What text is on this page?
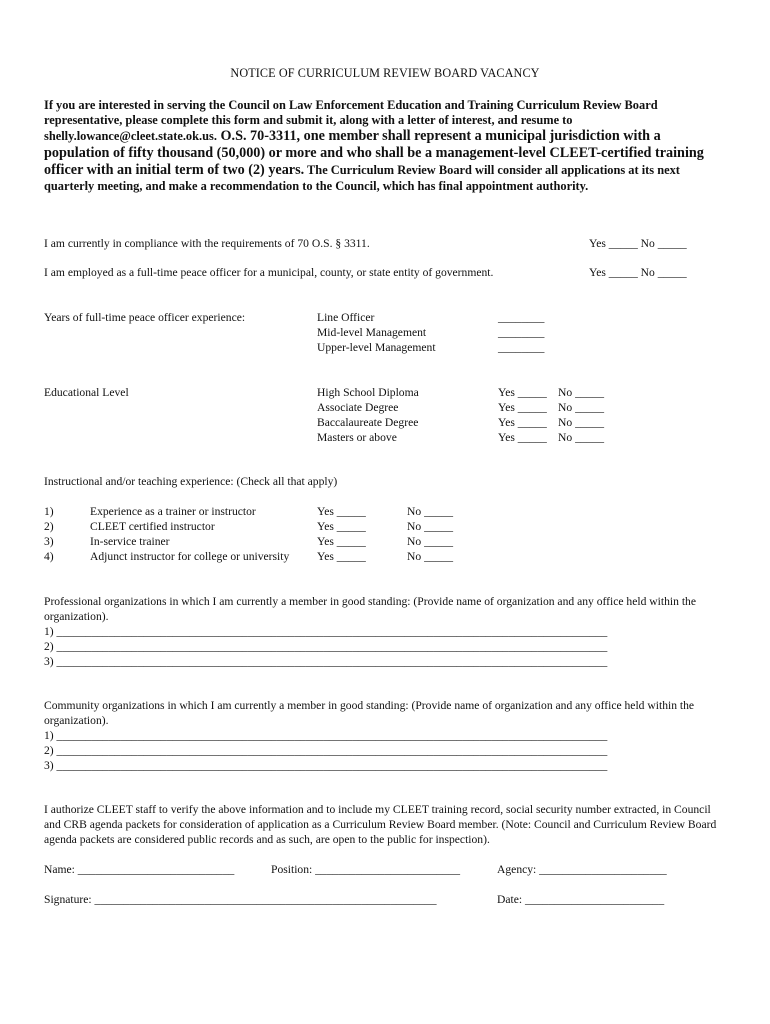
NOTICE OF CURRICULUM REVIEW BOARD VACANCY
If you are interested in serving the Council on Law Enforcement Education and Training Curriculum Review Board representative, please complete this form and submit it, along with a letter of interest, and resume to shelly.lowance@cleet.state.ok.us. O.S. 70-3311, one member shall represent a municipal jurisdiction with a population of fifty thousand (50,000) or more and who shall be a management-level CLEET-certified training officer with an initial term of two (2) years. The Curriculum Review Board will consider all applications at its next quarterly meeting, and make a recommendation to the Council, which has final appointment authority.
I am currently in compliance with the requirements of 70 O.S. § 3311.	Yes _____ No _____
I am employed as a full-time peace officer for a municipal, county, or state entity of government.	Yes _____ No _____
Years of full-time peace officer experience:	Line Officer	________
Mid-level Management	________
Upper-level Management	________
Educational Level	High School Diploma	Yes _____ No _____
Associate Degree	Yes _____ No _____
Baccalaureate Degree	Yes _____ No _____
Masters or above	Yes _____ No _____
Instructional and/or teaching experience: (Check all that apply)
1)	Experience as a trainer or instructor	Yes _____	No _____
2)	CLEET certified instructor	Yes _____	No _____
3)	In-service trainer	Yes _____	No _____
4)	Adjunct instructor for college or university Yes _____	No _____
Professional organizations in which I am currently a member in good standing: (Provide name of organization and any office held within the organization).
1) _______________________________________________________________________________________________
2) _______________________________________________________________________________________________
3) _______________________________________________________________________________________________
Community organizations in which I am currently a member in good standing: (Provide name of organization and any office held within the organization).
1) _______________________________________________________________________________________________
2) _______________________________________________________________________________________________
3) _______________________________________________________________________________________________
I authorize CLEET staff to verify the above information and to include my CLEET training record, social security number extracted, in Council and CRB agenda packets for consideration of application as a Curriculum Review Board member. (Note: Council and Curriculum Review Board agenda packets are considered public records and as such, are open to the public for inspection).
Name: ___________________________	Position: _________________________	Agency: ______________________
Signature: ___________________________________________________________	Date: ________________________
